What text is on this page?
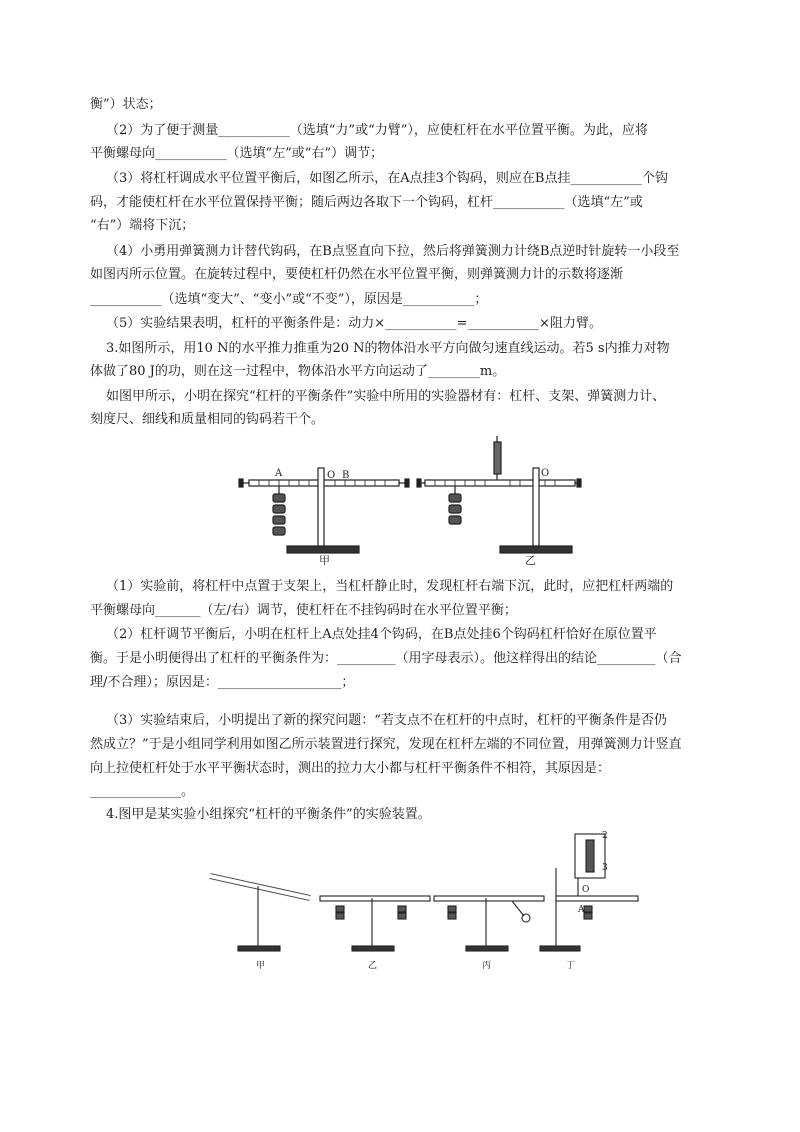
衡”）状态；
（2）为了便于测量___________（选填“力”或“力臂”），应使杠杆在水平位置平衡。为此，应将
平衡螺母向___________（选填“左”或“右”）调节；
（3）将杠杆调成水平位置平衡后，如图乙所示，在A点挂3个钩码，则应在B点挂___________个钩
码，才能使杠杆在水平位置保持平衡；随后两边各取下一个钩码，杠杆___________（选填“左”或
“右”）端将下沉；
（4）小勇用弹簧测力计替代钩码，在B点竖直向下拉，然后将弹簧测力计绕B点逆时针旋转一小段至
如图丙所示位置。在旋转过程中，要使杠杆仍然在水平位置平衡，则弹簧测力计的示数将逐渐
___________（选填“变大”、“变小”或“不变”），原因是___________；
（5）实验结果表明，杠杆的平衡条件是：动力×___________=___________×阻力臂。
3.如图所示，用10 N的水平推力推重为20 N的物体沿水平方向做匀速直线运动。若5 s内推力对物
体做了80 J的功，则在这一过程中，物体沿水平方向运动了________m。
如图甲所示，小明在探究“杠杆的平衡条件”实验中所用的实验器材有：杠杆、支架、弹簧测力计、
刻度尺、细线和质量相同的钩码若干个。
A	O B	O
甲	乙
（1）实验前，将杠杆中点置于支架上，当杠杆静止时，发现杠杆右端下沉，此时，应把杠杆两端的
平衡螺母向_______（左/右）调节，使杠杆在不挂钩码时在水平位置平衡；
（2）杠杆调节平衡后，小明在杠杆上A点处挂4个钩码，在B点处挂6个钩码杠杆恰好在原位置平
衡。于是小明便得出了杠杆的平衡条件为：_________（用字母表示）。他这样得出的结论_________（合
理/不合理）；原因是：___________________；
（3）实验结束后，小明提出了新的探究问题：“若支点不在杠杆的中点时，杠杆的平衡条件是否仍
然成立？”于是小组同学利用如图乙所示装置进行探究，发现在杠杆左端的不同位置，用弹簧测力计竖直
向上拉使杠杆处于水平平衡状态时，测出的拉力大小都与杠杆平衡条件不相符，其原因是：
______________。
4.图甲是某实验小组探究“杠杆的平衡条件”的实验装置。
2
3
O
A
甲	乙	丙	丁
